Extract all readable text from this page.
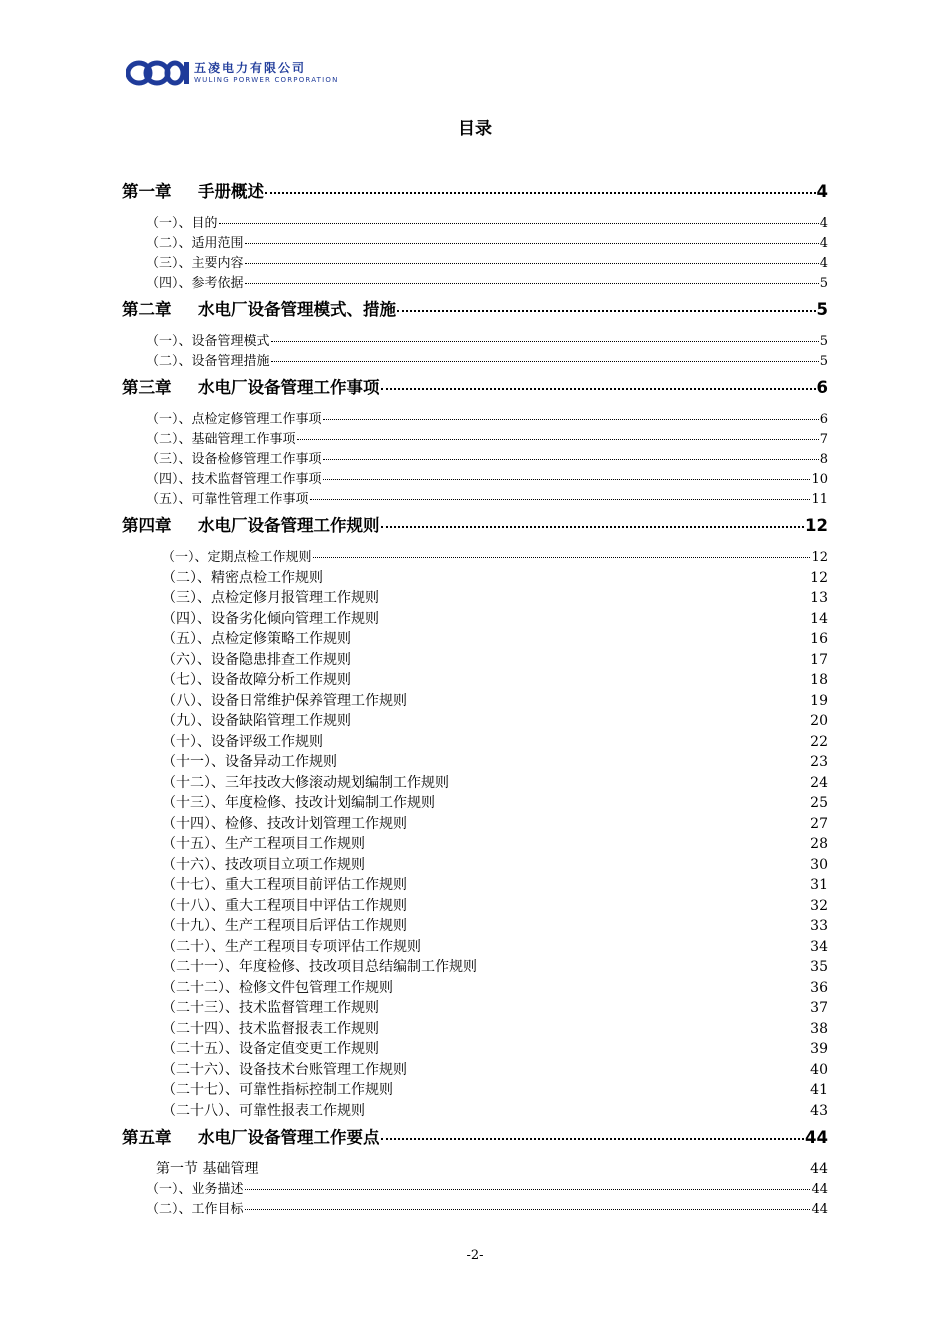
五凌电力有限公司
WULING PORWER CORPORATION
目录
第一章 手册概述	4
（一）、目的	4
（二）、适用范围	4
（三）、主要内容	4
（四）、参考依据	5
第二章 水电厂设备管理模式、措施	5
（一）、设备管理模式	5
（二）、设备管理措施	5
第三章 水电厂设备管理工作事项	6
（一）、点检定修管理工作事项	6
（二）、基础管理工作事项	7
（三）、设备检修管理工作事项	8
（四）、技术监督管理工作事项	10
（五）、可靠性管理工作事项	11
第四章 水电厂设备管理工作规则	12
（一）、定期点检工作规则	12
（二）、精密点检工作规则	12
（三）、点检定修月报管理工作规则	13
（四）、设备劣化倾向管理工作规则	14
（五）、点检定修策略工作规则	16
（六）、设备隐患排查工作规则	17
（七）、设备故障分析工作规则	18
（八）、设备日常维护保养管理工作规则	19
（九）、设备缺陷管理工作规则	20
（十）、设备评级工作规则	22
（十一）、设备异动工作规则	23
（十二）、三年技改大修滚动规划编制工作规则	24
（十三）、年度检修、技改计划编制工作规则	25
（十四）、检修、技改计划管理工作规则	27
（十五）、生产工程项目工作规则	28
（十六）、技改项目立项工作规则	30
（十七）、重大工程项目前评估工作规则	31
（十八）、重大工程项目中评估工作规则	32
（十九）、生产工程项目后评估工作规则	33
（二十）、生产工程项目专项评估工作规则	34
（二十一）、年度检修、技改项目总结编制工作规则	35
（二十二）、检修文件包管理工作规则	36
（二十三）、技术监督管理工作规则	37
（二十四）、技术监督报表工作规则	38
（二十五）、设备定值变更工作规则	39
（二十六）、设备技术台账管理工作规则	40
（二十七）、可靠性指标控制工作规则	41
（二十八）、可靠性报表工作规则	43
第五章 水电厂设备管理工作要点	44
第一节 基础管理	44
（一）、业务描述	44
（二）、工作目标	44
-2-
